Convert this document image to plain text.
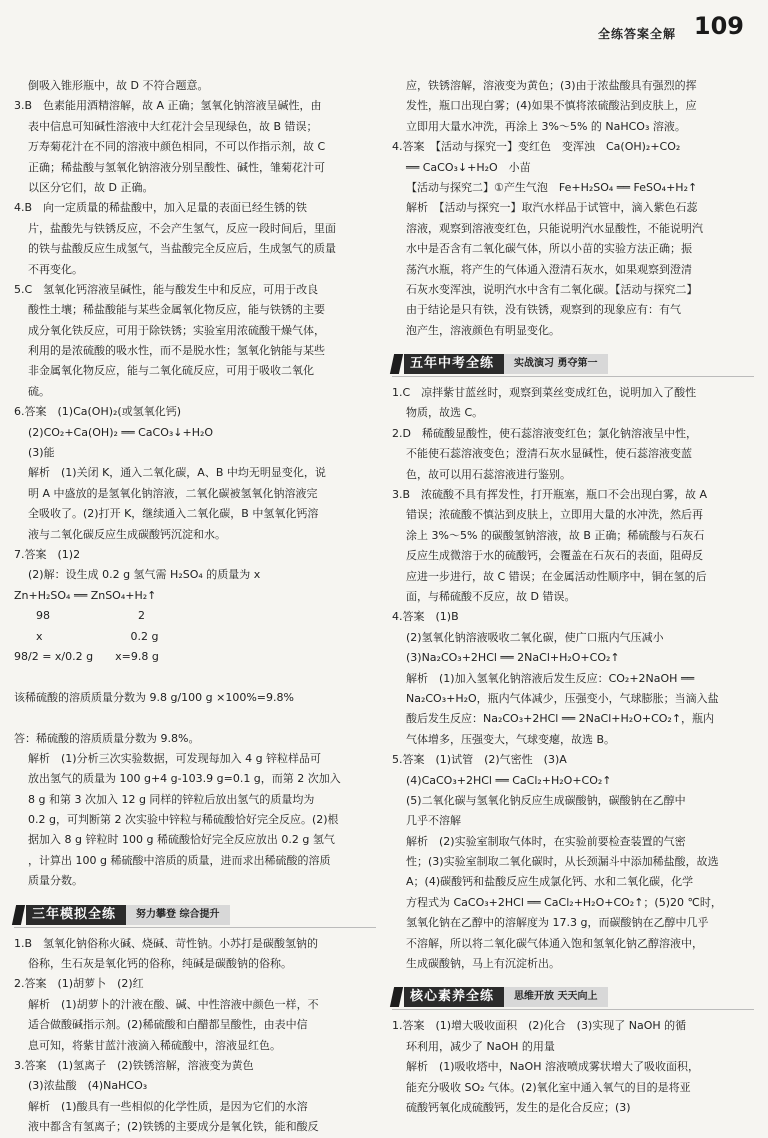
全练答案全解 109
倒吸入锥形瓶中，故 D 不符合题意。
3.B　色素能用酒精溶解，故 A 正确；氢氧化钠溶液呈碱性，由
表中信息可知碱性溶液中大红花汁会呈现绿色，故 B 错误；
万寿菊花汁在不同的溶液中颜色相同，不可以作指示剂，故 C
正确；稀盐酸与氢氧化钠溶液分别呈酸性、碱性，雏菊花汁可
以区分它们，故 D 正确。
4.B　向一定质量的稀盐酸中，加入足量的表面已经生锈的铁
片，盐酸先与铁锈反应，不会产生氢气，反应一段时间后，里面
的铁与盐酸反应生成氢气，当盐酸完全反应后，生成氢气的质量
不再变化。
5.C　氢氧化钙溶液呈碱性，能与酸发生中和反应，可用于改良
酸性土壤；稀盐酸能与某些金属氧化物反应，能与铁锈的主要
成分氧化铁反应，可用于除铁锈；实验室用浓硫酸干燥气体，
利用的是浓硫酸的吸水性，而不是脱水性；氢氧化钠能与某些
非金属氧化物反应，能与二氧化硫反应，可用于吸收二氧化
硫。
6.答案　(1)Ca(OH)₂(或氢氧化钙)
(2)CO₂+Ca(OH)₂ ══ CaCO₃↓+H₂O
(3)能
解析　(1)关闭 K，通入二氧化碳，A、B 中均无明显变化，说
明 A 中盛放的是氢氧化钠溶液，二氧化碳被氢氧化钠溶液完
全吸收了。(2)打开 K，继续通入二氧化碳，B 中氢氧化钙溶
液与二氧化碳反应生成碳酸钙沉淀和水。
7.答案　(1)2
(2)解：设生成 0.2 g 氢气需 H₂SO₄ 的质量为 x
Zn+H₂SO₄ ══ ZnSO₄+H₂↑
　　98　　　　　　　　2
　　x　　　　　　　　0.2 g
98/2 = x/0.2 g　　x=9.8 g
该稀硫酸的溶质质量分数为 9.8 g/100 g ×100%=9.8%
答：稀硫酸的溶质质量分数为 9.8%。
解析　(1)分析三次实验数据，可发现每加入 4 g 锌粒样品可
放出氢气的质量为 100 g+4 g-103.9 g=0.1 g，而第 2 次加入
8 g 和第 3 次加入 12 g 同样的锌粒后放出氢气的质量均为
0.2 g，可判断第 2 次实验中锌粒与稀硫酸恰好完全反应。(2)根
据加入 8 g 锌粒时 100 g 稀硫酸恰好完全反应放出 0.2 g 氢气
，计算出 100 g 稀硫酸中溶质的质量，进而求出稀硫酸的溶质
质量分数。
三年模拟全练	努力攀登 综合提升
1.B　氢氧化钠俗称火碱、烧碱、苛性钠。小苏打是碳酸氢钠的
俗称，生石灰是氧化钙的俗称，纯碱是碳酸钠的俗称。
2.答案　(1)胡萝卜　(2)红
解析　(1)胡萝卜的汁液在酸、碱、中性溶液中颜色一样，不
适合做酸碱指示剂。(2)稀硫酸和白醋都呈酸性，由表中信
息可知，将紫甘蓝汁液滴入稀硫酸中，溶液显红色。
3.答案　(1)氢离子　(2)铁锈溶解，溶液变为黄色
(3)浓盐酸　(4)NaHCO₃
解析　(1)酸具有一些相似的化学性质，是因为它们的水溶
液中都含有氢离子；(2)铁锈的主要成分是氧化铁，能和酸反
应，铁锈溶解，溶液变为黄色；(3)由于浓盐酸具有强烈的挥
发性，瓶口出现白雾；(4)如果不慎将浓硫酸沾到皮肤上，应
立即用大量水冲洗，再涂上 3%～5% 的 NaHCO₃ 溶液。
4.答案　【活动与探究一】变红色　变浑浊　Ca(OH)₂+CO₂
══ CaCO₃↓+H₂O　小苗
【活动与探究二】①产生气泡　Fe+H₂SO₄ ══ FeSO₄+H₂↑
解析　【活动与探究一】取汽水样品于试管中，滴入紫色石蕊
溶液，观察到溶液变红色，只能说明汽水显酸性，不能说明汽
水中是否含有二氧化碳气体，所以小苗的实验方法正确；振
荡汽水瓶，将产生的气体通入澄清石灰水，如果观察到澄清
石灰水变浑浊，说明汽水中含有二氧化碳。【活动与探究二】
由于结论是只有铁，没有铁锈，观察到的现象应有：有气
泡产生，溶液颜色有明显变化。
五年中考全练	实战演习 勇夺第一
1.C　凉拌紫甘蓝丝时，观察到菜丝变成红色，说明加入了酸性
物质，故选 C。
2.D　稀硫酸显酸性，使石蕊溶液变红色；氯化钠溶液呈中性，
不能使石蕊溶液变色；澄清石灰水显碱性，使石蕊溶液变蓝
色，故可以用石蕊溶液进行鉴别。
3.B　浓硫酸不具有挥发性，打开瓶塞，瓶口不会出现白雾，故 A
错误；浓硫酸不慎沾到皮肤上，立即用大量的水冲洗，然后再
涂上 3%～5% 的碳酸氢钠溶液，故 B 正确；稀硫酸与石灰石
反应生成微溶于水的硫酸钙，会覆盖在石灰石的表面，阻碍反
应进一步进行，故 C 错误；在金属活动性顺序中，铜在氢的后
面，与稀硫酸不反应，故 D 错误。
4.答案　(1)B
(2)氢氧化钠溶液吸收二氧化碳，使广口瓶内气压减小
(3)Na₂CO₃+2HCl ══ 2NaCl+H₂O+CO₂↑
解析　(1)加入氢氧化钠溶液后发生反应：CO₂+2NaOH ══
Na₂CO₃+H₂O，瓶内气体减少，压强变小，气球膨胀；当滴入盐
酸后发生反应：Na₂CO₃+2HCl ══ 2NaCl+H₂O+CO₂↑，瓶内
气体增多，压强变大，气球变瘪，故选 B。
5.答案　(1)试管　(2)气密性　(3)A
(4)CaCO₃+2HCl ══ CaCl₂+H₂O+CO₂↑
(5)二氧化碳与氢氧化钠反应生成碳酸钠，碳酸钠在乙醇中
几乎不溶解
解析　(2)实验室制取气体时，在实验前要检查装置的气密
性；(3)实验室制取二氧化碳时，从长颈漏斗中添加稀盐酸，故选
A；(4)碳酸钙和盐酸反应生成氯化钙、水和二氧化碳，化学
方程式为 CaCO₃+2HCl ══ CaCl₂+H₂O+CO₂↑；(5)20 ℃时，
氢氧化钠在乙醇中的溶解度为 17.3 g，而碳酸钠在乙醇中几乎
不溶解，所以将二氧化碳气体通入饱和氢氧化钠乙醇溶液中，
生成碳酸钠，马上有沉淀析出。
核心素养全练	思维开放 天天向上
1.答案　(1)增大吸收面积　(2)化合　(3)实现了 NaOH 的循
环利用，减少了 NaOH 的用量
解析　(1)吸收塔中，NaOH 溶液喷成雾状增大了吸收面积，
能充分吸收 SO₂ 气体。(2)氧化室中通入氧气的目的是将亚
硫酸钙氧化成硫酸钙，发生的是化合反应；(3)
